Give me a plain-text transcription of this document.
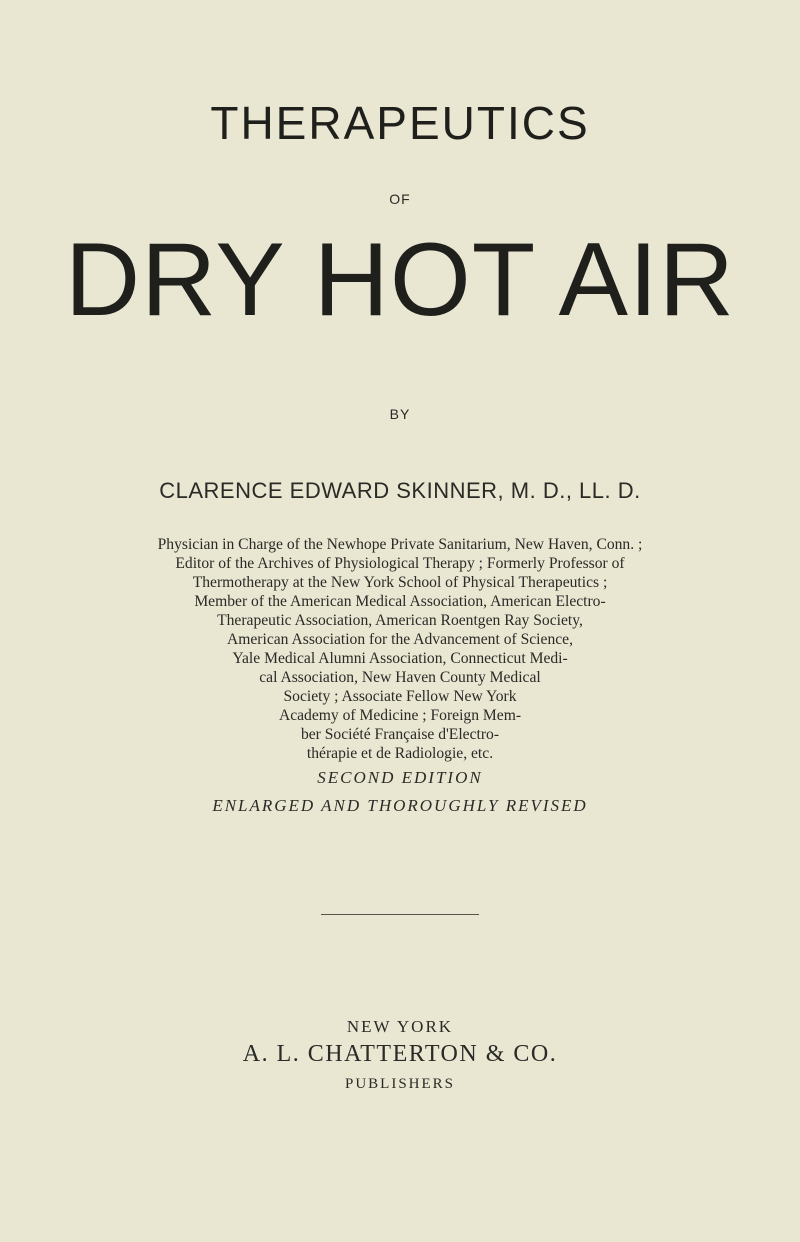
THERAPEUTICS
OF
DRY HOT AIR
BY
CLARENCE EDWARD SKINNER, M. D., LL. D.
Physician in Charge of the Newhope Private Sanitarium, New Haven, Conn. ;
Editor of the Archives of Physiological Therapy ; Formerly Professor of
Thermotherapy at the New York School of Physical Therapeutics ;
Member of the American Medical Association, American Electro-
Therapeutic Association, American Roentgen Ray Society,
American Association for the Advancement of Science,
Yale Medical Alumni Association, Connecticut Medi-
cal Association, New Haven County Medical
Society ; Associate Fellow New York
Academy of Medicine ; Foreign Mem-
ber Société Française d'Electro-
thérapie et de Radiologie, etc.
SECOND EDITION
ENLARGED AND THOROUGHLY REVISED
NEW YORK
A. L. CHATTERTON & CO.
PUBLISHERS
